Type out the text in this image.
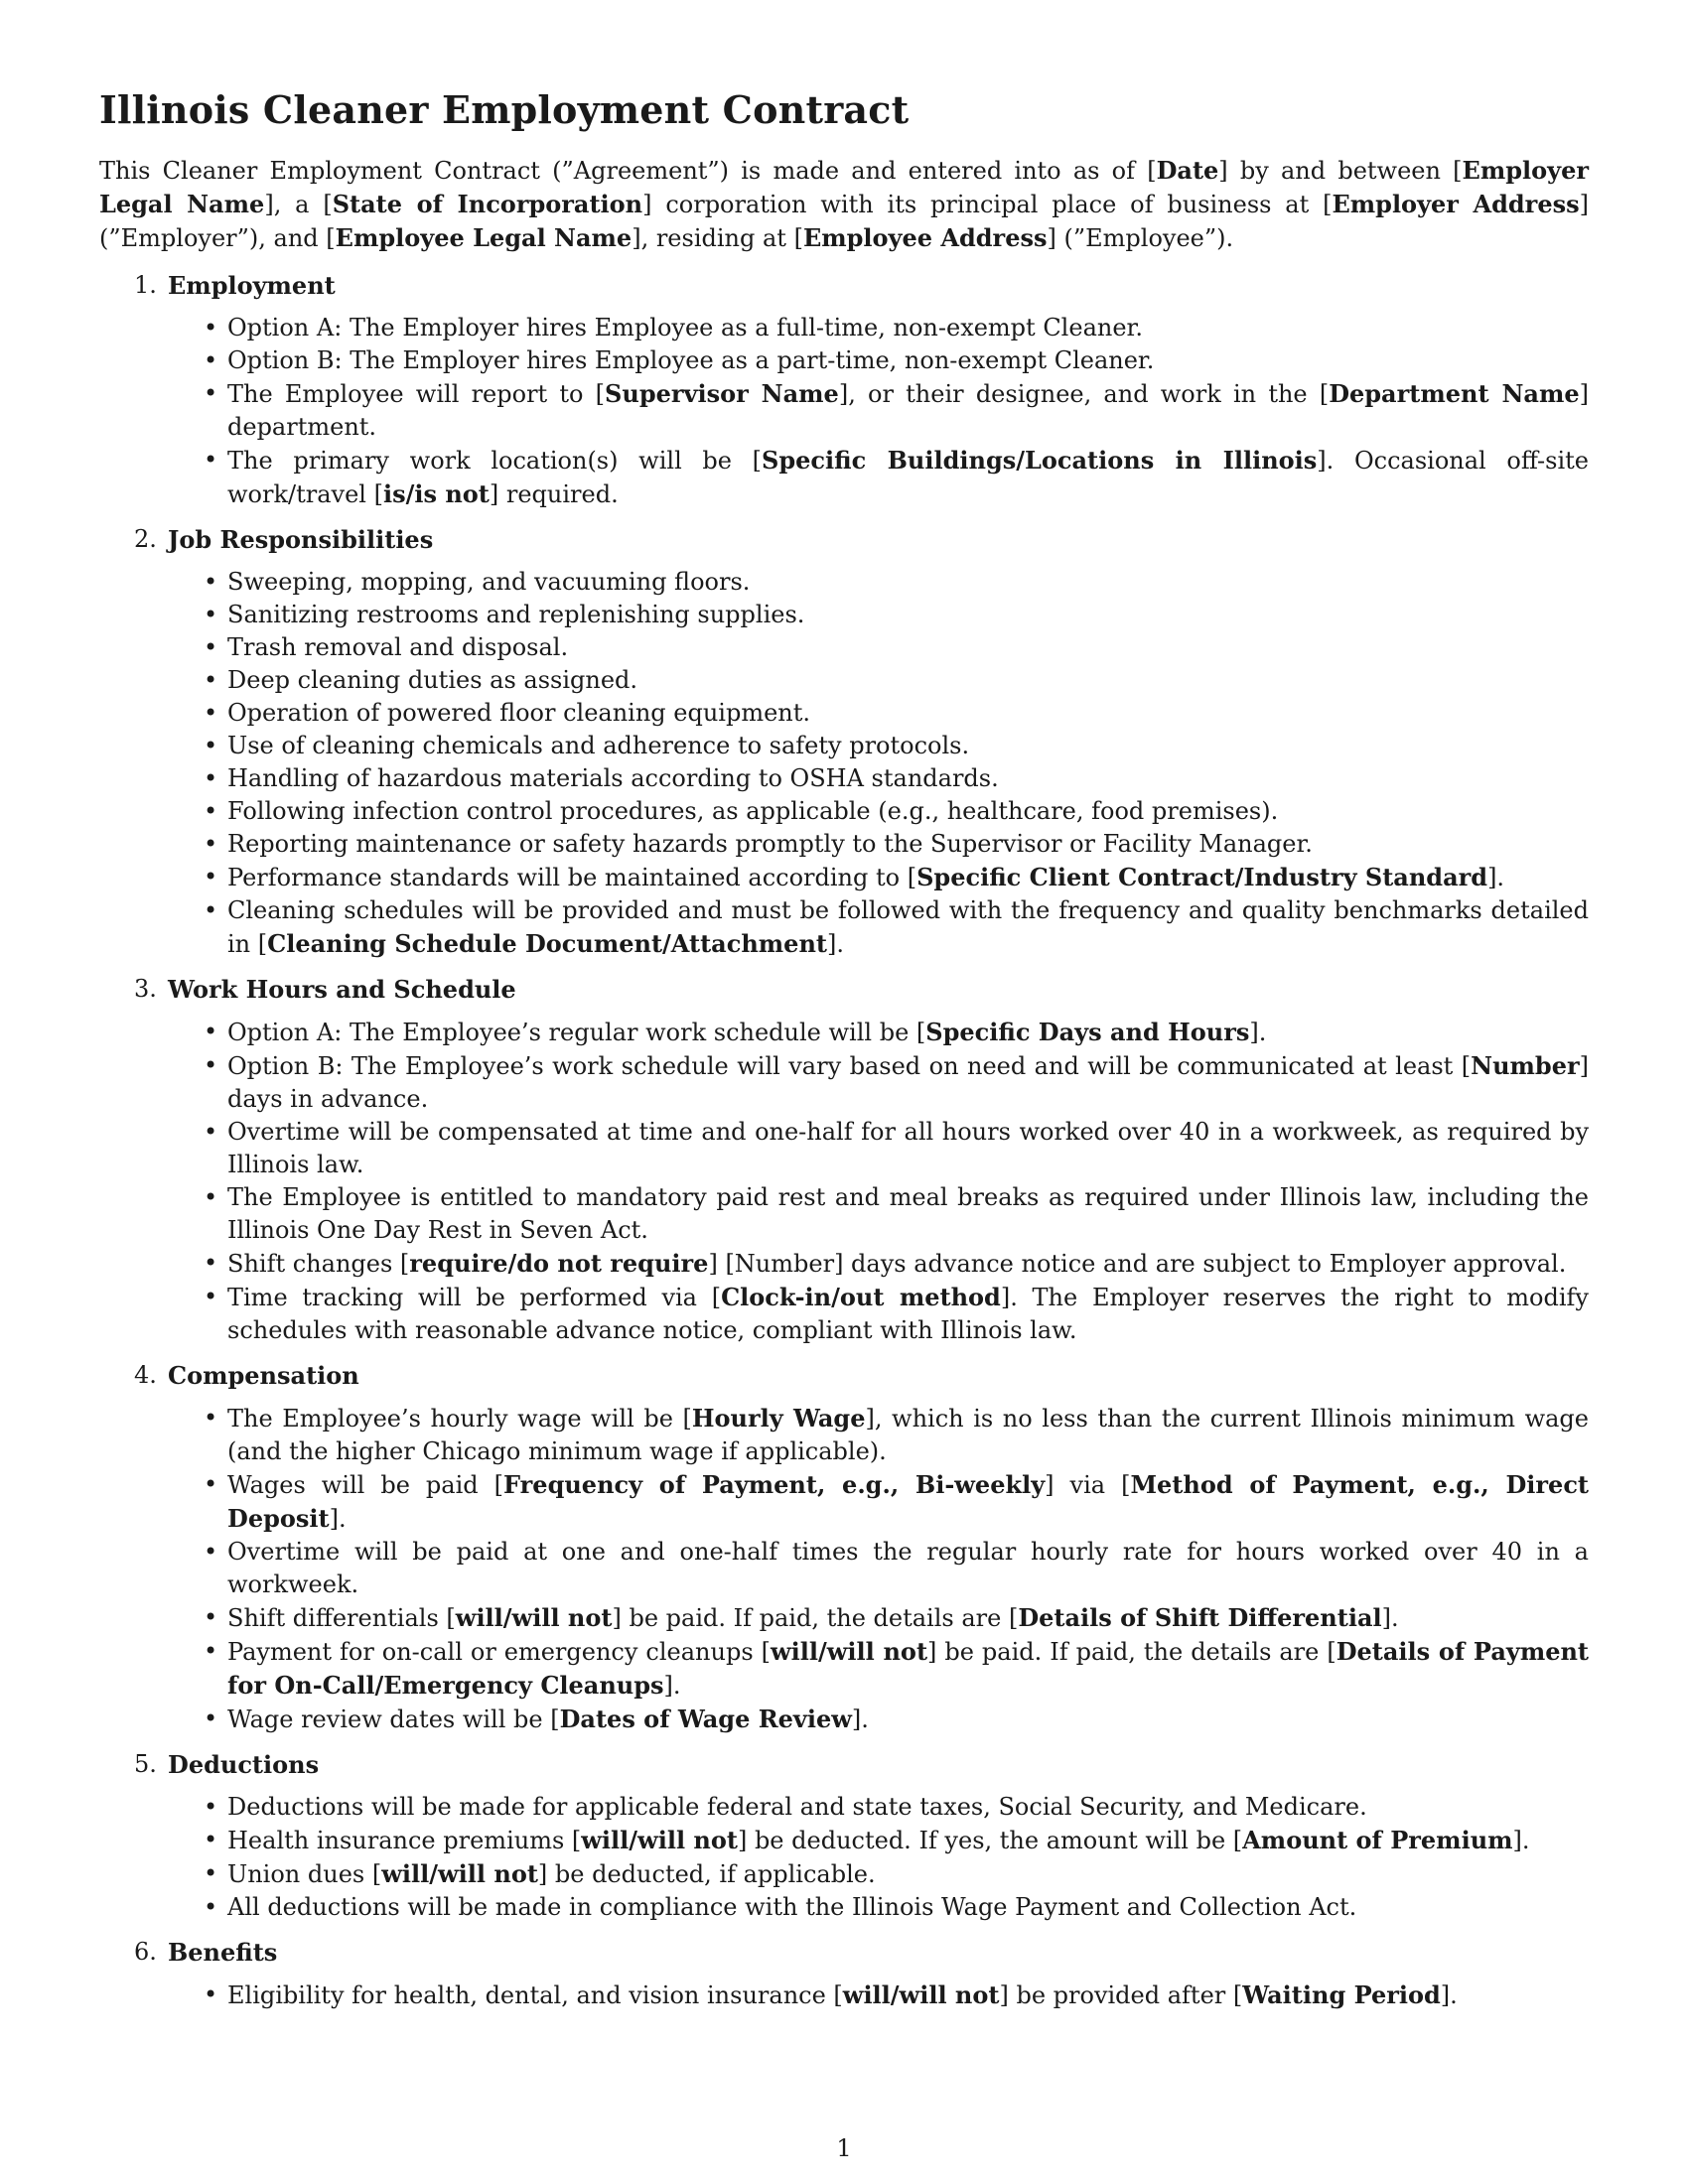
Illinois Cleaner Employment Contract

This Cleaner Employment Contract (”Agreement”) is made and entered into as of [Date] by and between [Employer Legal Name], a [State of Incorporation] corporation with its principal place of business at [Employer Address] (”Employer”), and [Employee Legal Name], residing at [Employee Address] (”Employee”).

1. Employment
• Option A: The Employer hires Employee as a full-time, non-exempt Cleaner.
• Option B: The Employer hires Employee as a part-time, non-exempt Cleaner.
• The Employee will report to [Supervisor Name], or their designee, and work in the [Department Name] department.
• The primary work location(s) will be [Specific Buildings/Locations in Illinois]. Occasional off-site work/travel [is/is not] required.
2. Job Responsibilities
• Sweeping, mopping, and vacuuming floors.
• Sanitizing restrooms and replenishing supplies.
• Trash removal and disposal.
• Deep cleaning duties as assigned.
• Operation of powered floor cleaning equipment.
• Use of cleaning chemicals and adherence to safety protocols.
• Handling of hazardous materials according to OSHA standards.
• Following infection control procedures, as applicable (e.g., healthcare, food premises).
• Reporting maintenance or safety hazards promptly to the Supervisor or Facility Manager.
• Performance standards will be maintained according to [Specific Client Contract/Industry Standard].
• Cleaning schedules will be provided and must be followed with the frequency and quality benchmarks detailed in [Cleaning Schedule Document/Attachment].
3. Work Hours and Schedule
• Option A: The Employee’s regular work schedule will be [Specific Days and Hours].
• Option B: The Employee’s work schedule will vary based on need and will be communicated at least [Number] days in advance.
• Overtime will be compensated at time and one-half for all hours worked over 40 in a workweek, as required by Illinois law.
• The Employee is entitled to mandatory paid rest and meal breaks as required under Illinois law, including the Illinois One Day Rest in Seven Act.
• Shift changes [require/do not require] [Number] days advance notice and are subject to Employer approval.
• Time tracking will be performed via [Clock-in/out method]. The Employer reserves the right to modify schedules with reasonable advance notice, compliant with Illinois law.
4. Compensation
• The Employee’s hourly wage will be [Hourly Wage], which is no less than the current Illinois minimum wage (and the higher Chicago minimum wage if applicable).
• Wages will be paid [Frequency of Payment, e.g., Bi-weekly] via [Method of Payment, e.g., Direct Deposit].
• Overtime will be paid at one and one-half times the regular hourly rate for hours worked over 40 in a workweek.
• Shift differentials [will/will not] be paid. If paid, the details are [Details of Shift Differential].
• Payment for on-call or emergency cleanups [will/will not] be paid. If paid, the details are [Details of Payment for On-Call/Emergency Cleanups].
• Wage review dates will be [Dates of Wage Review].
5. Deductions
• Deductions will be made for applicable federal and state taxes, Social Security, and Medicare.
• Health insurance premiums [will/will not] be deducted. If yes, the amount will be [Amount of Premium].
• Union dues [will/will not] be deducted, if applicable.
• All deductions will be made in compliance with the Illinois Wage Payment and Collection Act.
6. Benefits
• Eligibility for health, dental, and vision insurance [will/will not] be provided after [Waiting Period].
1
